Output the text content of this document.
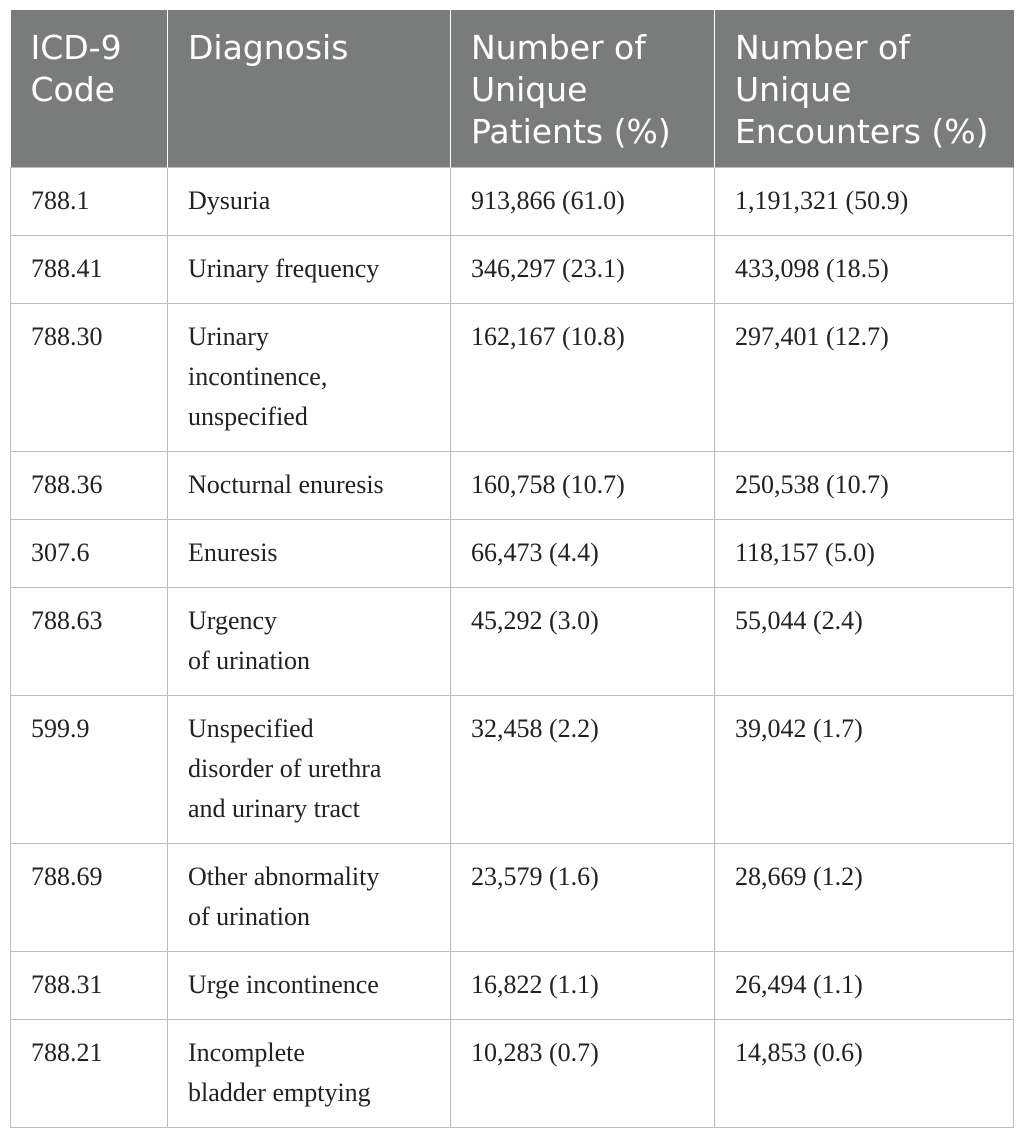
ICD-9
Code	Diagnosis	Number of
Unique
Patients (%)	Number of
Unique
Encounters (%)
788.1	Dysuria	913,866 (61.0)	1,191,321 (50.9)
788.41	Urinary frequency	346,297 (23.1)	433,098 (18.5)
788.30	Urinary
incontinence,
unspecified	162,167 (10.8)	297,401 (12.7)
788.36	Nocturnal enuresis	160,758 (10.7)	250,538 (10.7)
307.6	Enuresis	66,473 (4.4)	118,157 (5.0)
788.63	Urgency
of urination	45,292 (3.0)	55,044 (2.4)
599.9	Unspecified
disorder of urethra
and urinary tract	32,458 (2.2)	39,042 (1.7)
788.69	Other abnormality
of urination	23,579 (1.6)	28,669 (1.2)
788.31	Urge incontinence	16,822 (1.1)	26,494 (1.1)
788.21	Incomplete
bladder emptying	10,283 (0.7)	14,853 (0.6)
